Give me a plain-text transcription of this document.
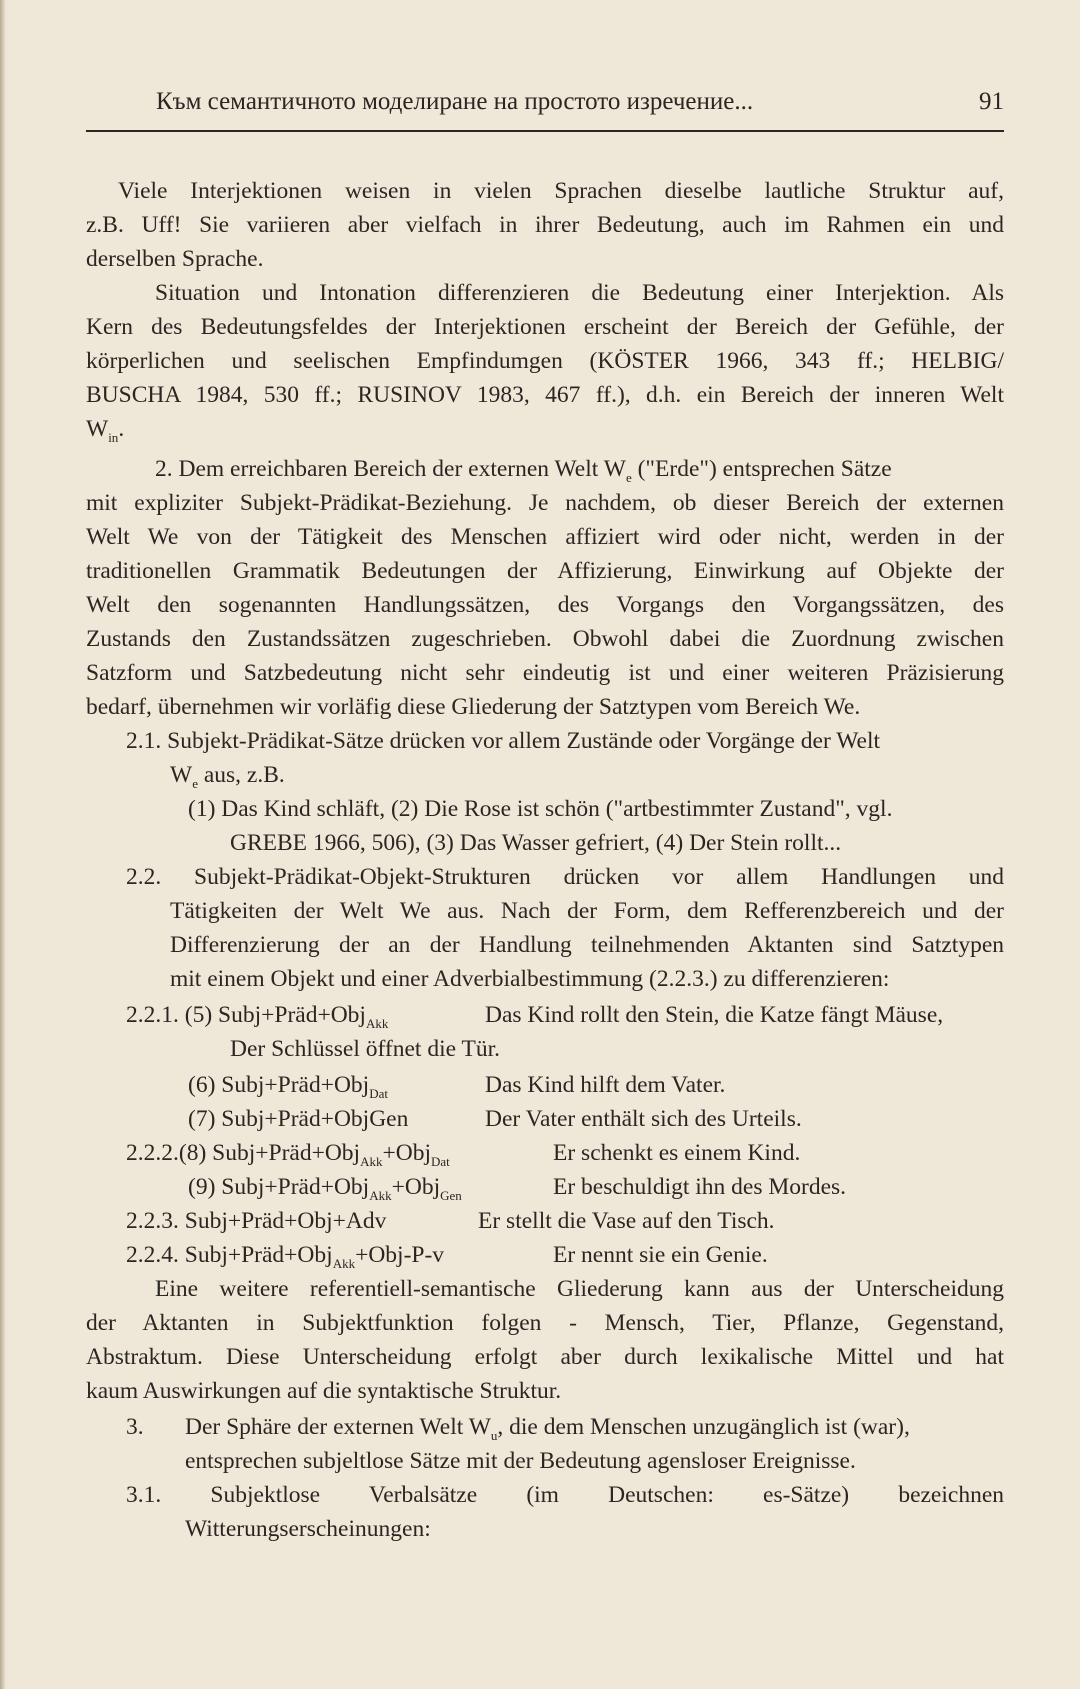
Към семантичното моделиране на простото изречение...	91
Viele Interjektionen weisen in vielen Sprachen dieselbe lautliche Struktur auf,
z.B. Uff! Sie variieren aber vielfach in ihrer Bedeutung, auch im Rahmen ein und
derselben Sprache.
Situation und Intonation differenzieren die Bedeutung einer Interjektion. Als
Kern des Bedeutungsfeldes der Interjektionen erscheint der Bereich der Gefühle, der
körperlichen und seelischen Empfindumgen (KÖSTER 1966, 343 ff.; HELBIG/
BUSCHA 1984, 530 ff.; RUSINOV 1983, 467 ff.), d.h. ein Bereich der inneren Welt
$W_{in}$.
2. Dem erreichbaren Bereich der externen Welt $W_e$ ("Erde") entsprechen Sätze
mit expliziter Subjekt-Prädikat-Beziehung. Je nachdem, ob dieser Bereich der externen
Welt We von der Tätigkeit des Menschen affiziert wird oder nicht, werden in der
traditionellen Grammatik Bedeutungen der Affizierung, Einwirkung auf Objekte der
Welt den sogenannten Handlungssätzen, des Vorgangs den Vorgangssätzen, des
Zustands den Zustandssätzen zugeschrieben. Obwohl dabei die Zuordnung zwischen
Satzform und Satzbedeutung nicht sehr eindeutig ist und einer weiteren Präzisierung
bedarf, übernehmen wir vorläfig diese Gliederung der Satztypen vom Bereich We.
2.1. Subjekt-Prädikat-Sätze drücken vor allem Zustände oder Vorgänge der Welt
$W_e$ aus, z.B.
(1) Das Kind schläft, (2) Die Rose ist schön ("artbestimmter Zustand", vgl.
GREBE 1966, 506), (3) Das Wasser gefriert, (4) Der Stein rollt...
2.2. Subjekt-Prädikat-Objekt-Strukturen drücken vor allem Handlungen und
Tätigkeiten der Welt We aus. Nach der Form, dem Refferenzbereich und der
Differenzierung der an der Handlung teilnehmenden Aktanten sind Satztypen
mit einem Objekt und einer Adverbialbestimmung (2.2.3.) zu differenzieren:
2.2.1. (5) Subj+Präd+Obj$_{Akk}$	Das Kind rollt den Stein, die Katze fängt Mäuse,
Der Schlüssel öffnet die Tür.
(6) Subj+Präd+Obj$_{Dat}$	Das Kind hilft dem Vater.
(7) Subj+Präd+ObjGen	Der Vater enthält sich des Urteils.
2.2.2.(8) Subj+Präd+Obj$_{Akk}$+Obj$_{Dat}$	Er schenkt es einem Kind.
(9) Subj+Präd+Obj$_{Akk}$+Obj$_{Gen}$	Er beschuldigt ihn des Mordes.
2.2.3. Subj+Präd+Obj+Adv	Er stellt die Vase auf den Tisch.
2.2.4. Subj+Präd+Obj$_{Akk}$+Obj-P-v	Er nennt sie ein Genie.
Eine weitere referentiell-semantische Gliederung kann aus der Unterscheidung
der Aktanten in Subjektfunktion folgen - Mensch, Tier, Pflanze, Gegenstand,
Abstraktum. Diese Unterscheidung erfolgt aber durch lexikalische Mittel und hat
kaum Auswirkungen auf die syntaktische Struktur.
3. Der Sphäre der externen Welt $W_u$, die dem Menschen unzugänglich ist (war),
entsprechen subjeltlose Sätze mit der Bedeutung agensloser Ereignisse.
3.1. Subjektlose Verbalsätze (im Deutschen: es-Sätze) bezeichnen
Witterungserscheinungen:
